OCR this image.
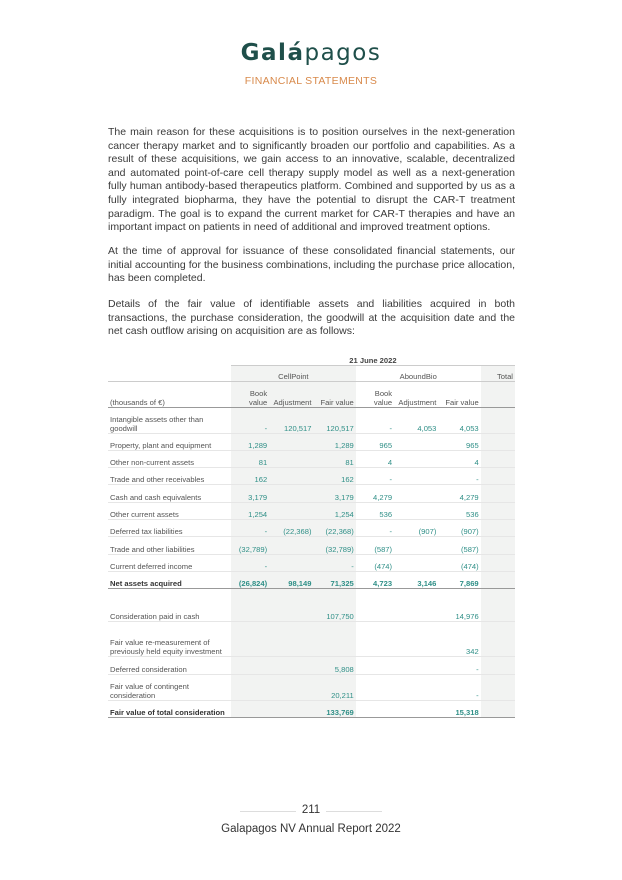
Galápagos
FINANCIAL STATEMENTS

The main reason for these acquisitions is to position ourselves in the next-generation cancer therapy market and to significantly broaden our portfolio and capabilities. As a result of these acquisitions, we gain access to an innovative, scalable, decentralized and automated point-of-care cell therapy supply model as well as a next-generation fully human antibody-based therapeutics platform. Combined and supported by us as a fully integrated biopharma, they have the potential to disrupt the CAR-T treatment paradigm. The goal is to expand the current market for CAR-T therapies and have an important impact on patients in need of additional and improved treatment options.

At the time of approval for issuance of these consolidated financial statements, our initial accounting for the business combinations, including the purchase price allocation, has been completed.

Details of the fair value of identifiable assets and liabilities acquired in both transactions, the purchase consideration, the goodwill at the acquisition date and the net cash outflow arising on acquisition are as follows:

	21 June 2022						
	CellPoint			AboundBio			Total
(thousands of €)	Book value	Adjustment	Fair value	Book value	Adjustment	Fair value	
Intangible assets other than goodwill	-	120,517	120,517	-	4,053	4,053	
Property, plant and equipment	1,289		1,289	965		965	
Other non-current assets	81		81	4		4	
Trade and other receivables	162		162	-		-	
Cash and cash equivalents	3,179		3,179	4,279		4,279	
Other current assets	1,254		1,254	536		536	
Deferred tax liabilities	-	(22,368)	(22,368)	-	(907)	(907)	
Trade and other liabilities	(32,789)		(32,789)	(587)		(587)	
Current deferred income	-		-	(474)		(474)	
Net assets acquired	(26,824)	98,149	71,325	4,723	3,146	7,869	

Consideration paid in cash			107,750			14,976	
Fair value re-measurement of previously held equity investment						342	
Deferred consideration			5,808			-	
Fair value of contingent consideration			20,211			-	
Fair value of total consideration			133,769			15,318	
211
Galapagos NV Annual Report 2022
